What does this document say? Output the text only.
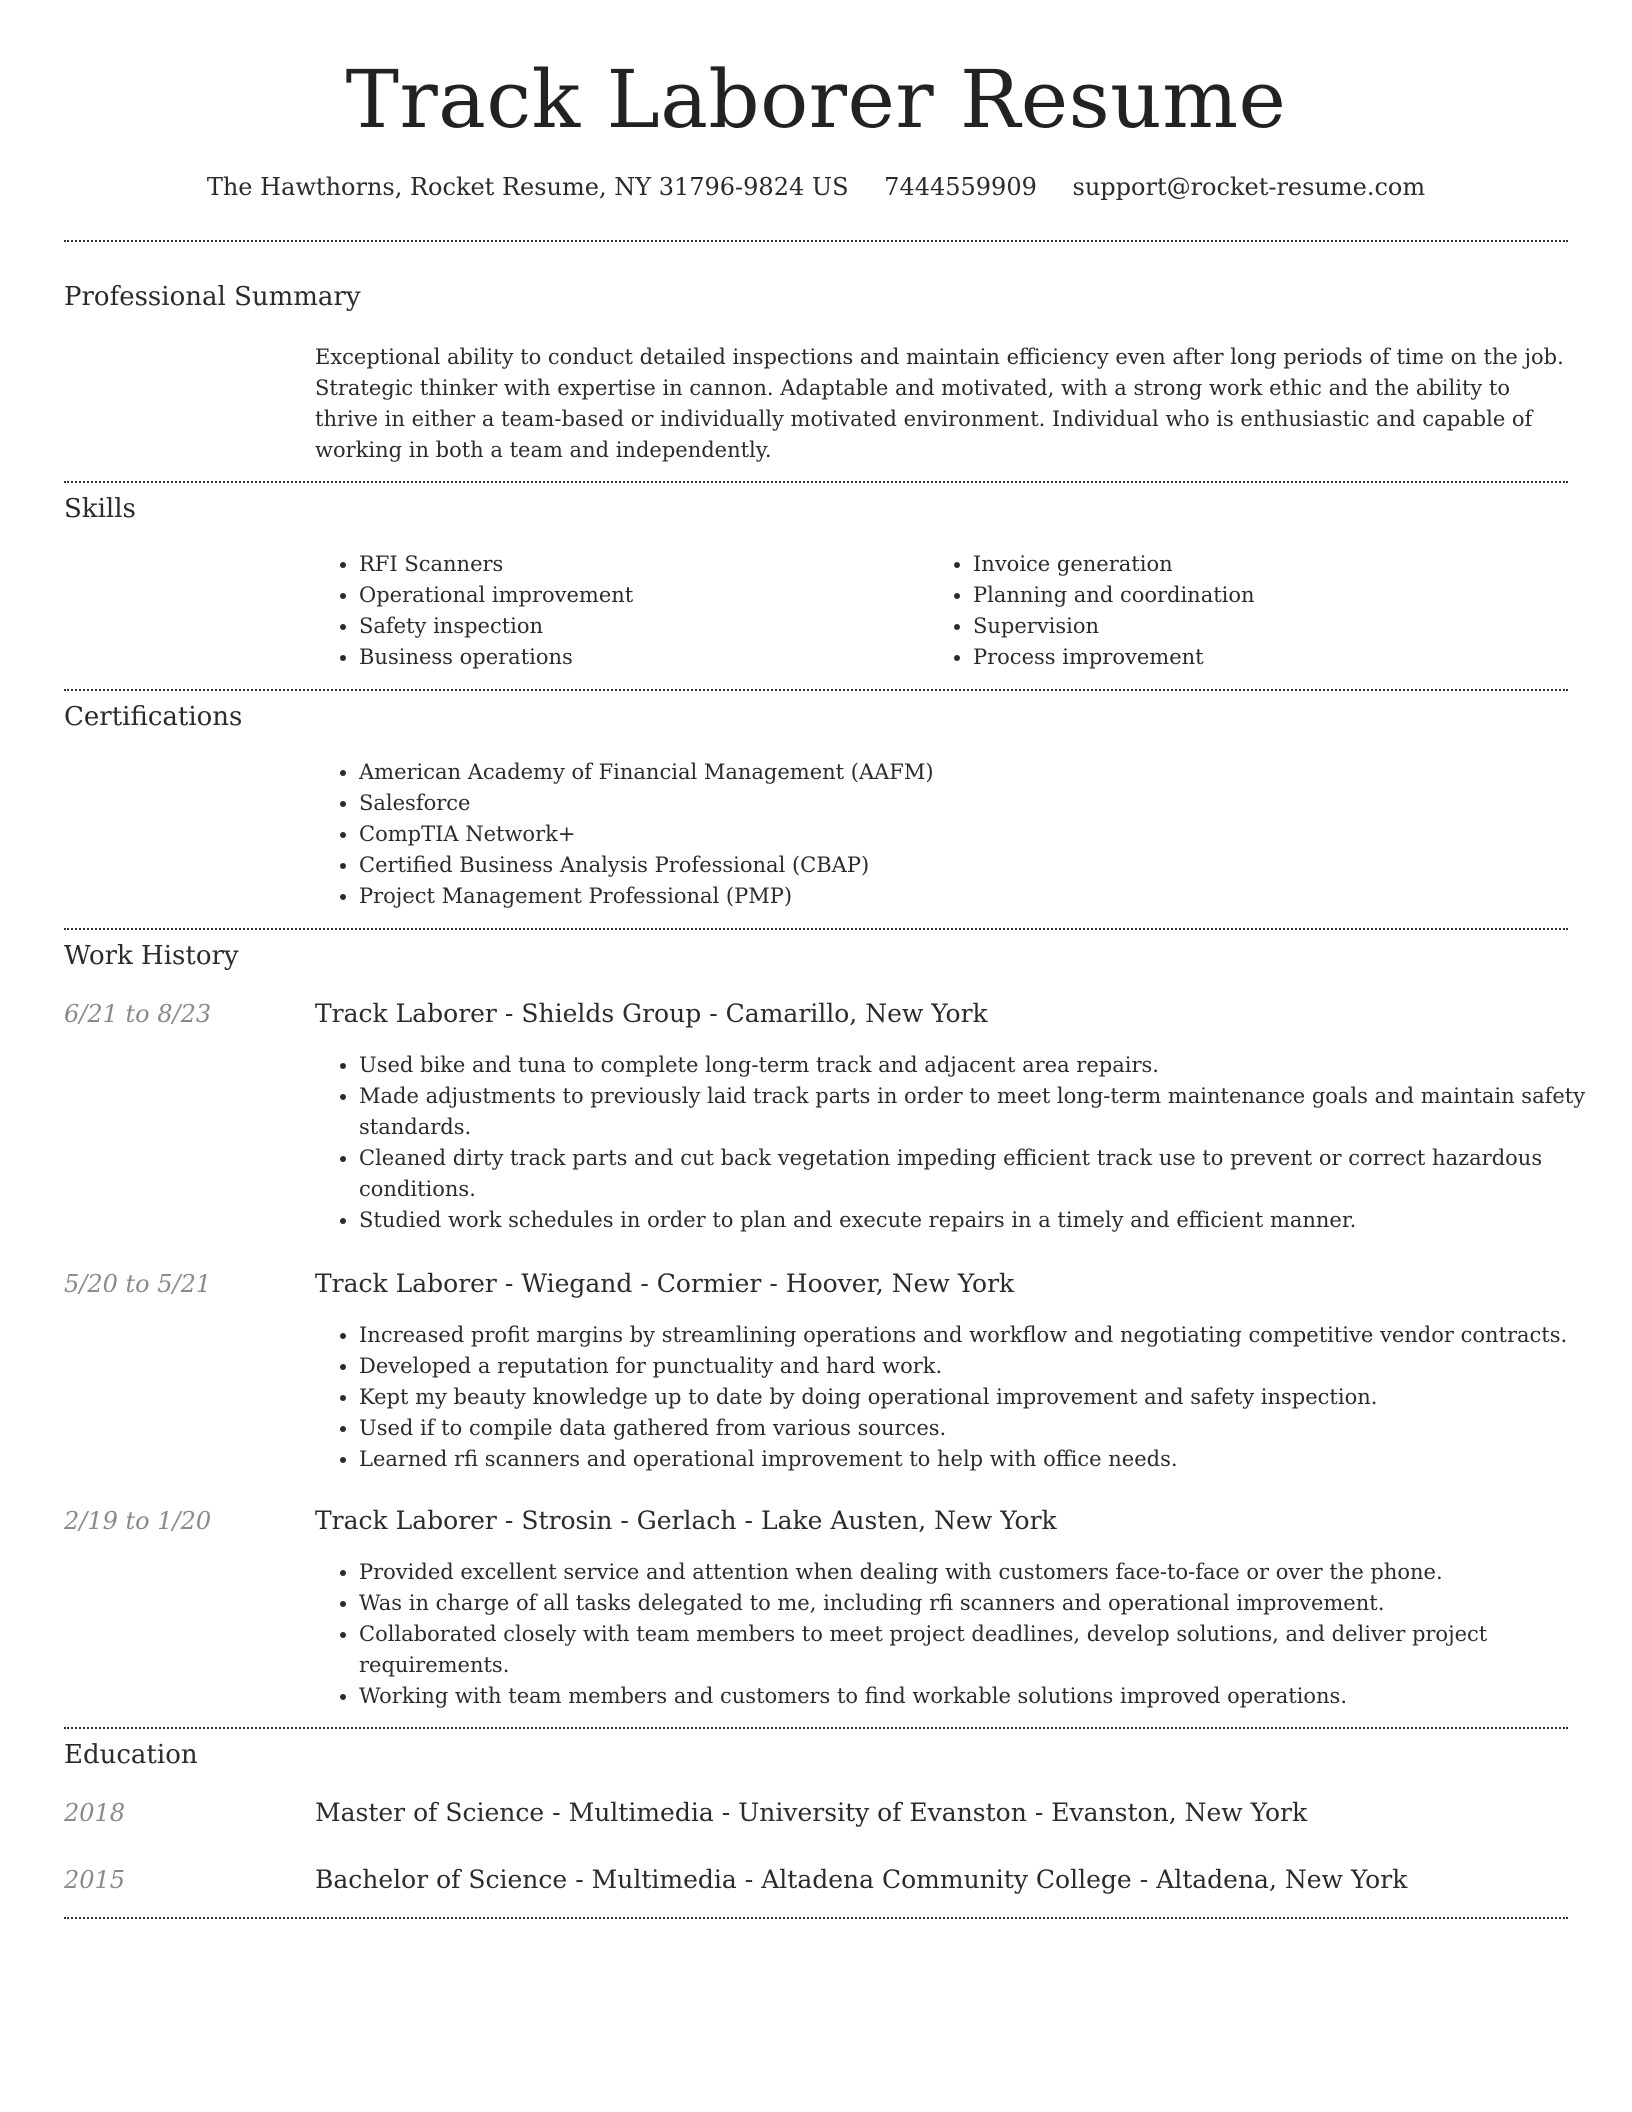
Track Laborer Resume
The Hawthorns, Rocket Resume, NY 31796-9824 US 7444559909 support@rocket-resume.com
Professional Summary

Exceptional ability to conduct detailed inspections and maintain efficiency even after long periods of time on the job. Strategic thinker with expertise in cannon. Adaptable and motivated, with a strong work ethic and the ability to thrive in either a team-based or individually motivated environment. Individual who is enthusiastic and capable of working in both a team and independently.

Skills
• RFI Scanners
• Operational improvement
• Safety inspection
• Business operations
• Invoice generation
• Planning and coordination
• Supervision
• Process improvement
Certifications
• American Academy of Financial Management (AAFM)
• Salesforce
• CompTIA Network+
• Certified Business Analysis Professional (CBAP)
• Project Management Professional (PMP)
Work History
6/21 to 8/23	Track Laborer - Shields Group - Camarillo, New York
• Used bike and tuna to complete long-term track and adjacent area repairs.
• Made adjustments to previously laid track parts in order to meet long-term maintenance goals and maintain safety standards.
• Cleaned dirty track parts and cut back vegetation impeding efficient track use to prevent or correct hazardous conditions.
• Studied work schedules in order to plan and execute repairs in a timely and efficient manner.
5/20 to 5/21	Track Laborer - Wiegand - Cormier - Hoover, New York
• Increased profit margins by streamlining operations and workflow and negotiating competitive vendor contracts.
• Developed a reputation for punctuality and hard work.
• Kept my beauty knowledge up to date by doing operational improvement and safety inspection.
• Used if to compile data gathered from various sources.
• Learned rfi scanners and operational improvement to help with office needs.
2/19 to 1/20	Track Laborer - Strosin - Gerlach - Lake Austen, New York
• Provided excellent service and attention when dealing with customers face-to-face or over the phone.
• Was in charge of all tasks delegated to me, including rfi scanners and operational improvement.
• Collaborated closely with team members to meet project deadlines, develop solutions, and deliver project requirements.
• Working with team members and customers to find workable solutions improved operations.
Education
2018	Master of Science - Multimedia - University of Evanston - Evanston, New York
2015	Bachelor of Science - Multimedia - Altadena Community College - Altadena, New York
